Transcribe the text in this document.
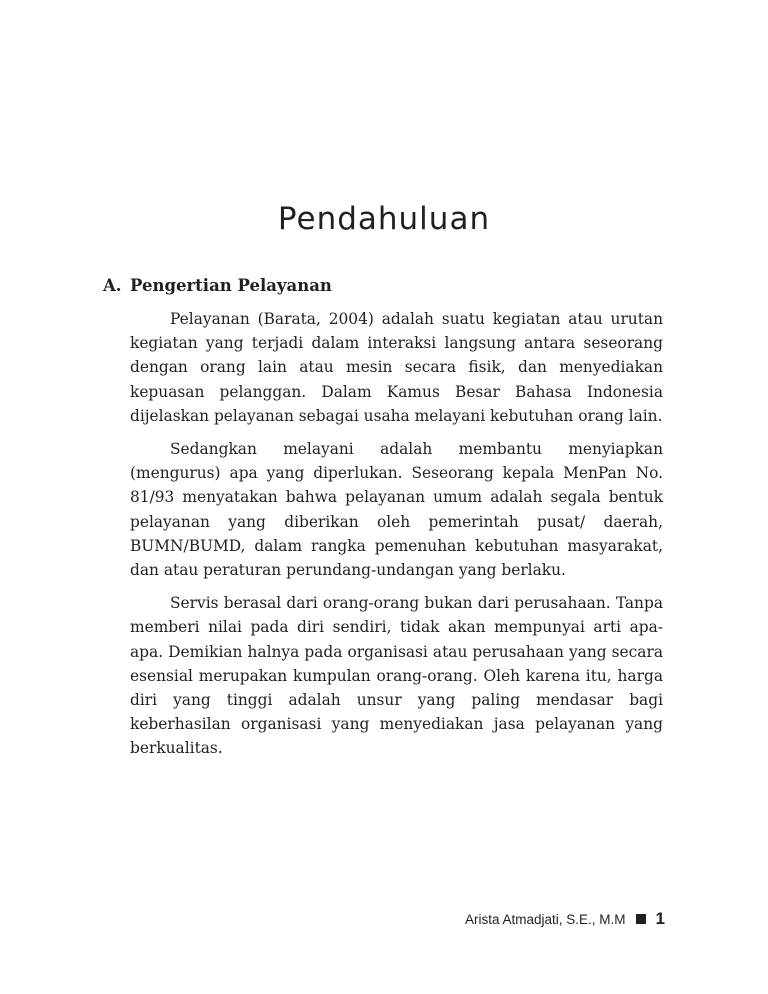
Pendahuluan
A. Pengertian Pelayanan

Pelayanan (Barata, 2004) adalah suatu kegiatan atau urutan kegiatan yang terjadi dalam interaksi langsung antara seseorang dengan orang lain atau mesin secara fisik, dan menyediakan kepuasan pelanggan. Dalam Kamus Besar Bahasa Indonesia dijelaskan pelayanan sebagai usaha melayani kebutuhan orang lain.

Sedangkan melayani adalah membantu menyiapkan (mengurus) apa yang diperlukan. Seseorang kepala MenPan No. 81/93 menyatakan bahwa pelayanan umum adalah segala bentuk pelayanan yang diberikan oleh pemerintah pusat/ daerah, BUMN/BUMD, dalam rangka pemenuhan kebutuhan masyarakat, dan atau peraturan perundang-undangan yang berlaku.

Servis berasal dari orang-orang bukan dari perusahaan. Tanpa memberi nilai pada diri sendiri, tidak akan mempunyai arti apa-apa. Demikian halnya pada organisasi atau perusahaan yang secara esensial merupakan kumpulan orang-orang. Oleh karena itu, harga diri yang tinggi adalah unsur yang paling mendasar bagi keberhasilan organisasi yang menyediakan jasa pelayanan yang berkualitas.

Arista Atmadjati, S.E., M.M 1
